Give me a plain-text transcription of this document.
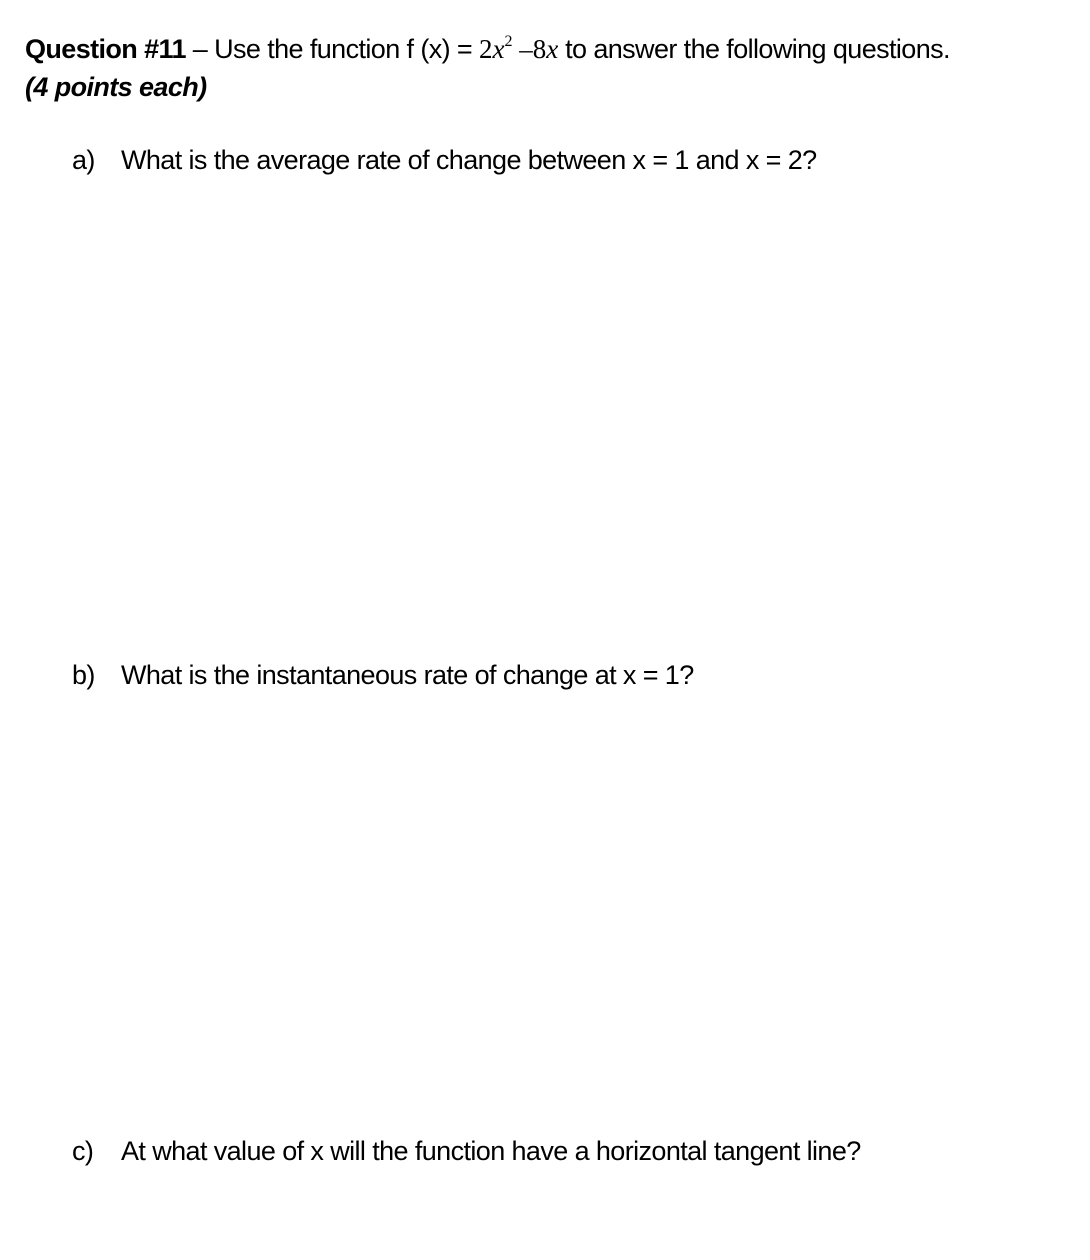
Question #11 – Use the function f $(x) = 2x^2$ –8x to answer the following questions.
(4 points each)
a) What is the average rate of change between x = 1 and x = 2?
b) What is the instantaneous rate of change at x = 1?
c) At what value of x will the function have a horizontal tangent line?
